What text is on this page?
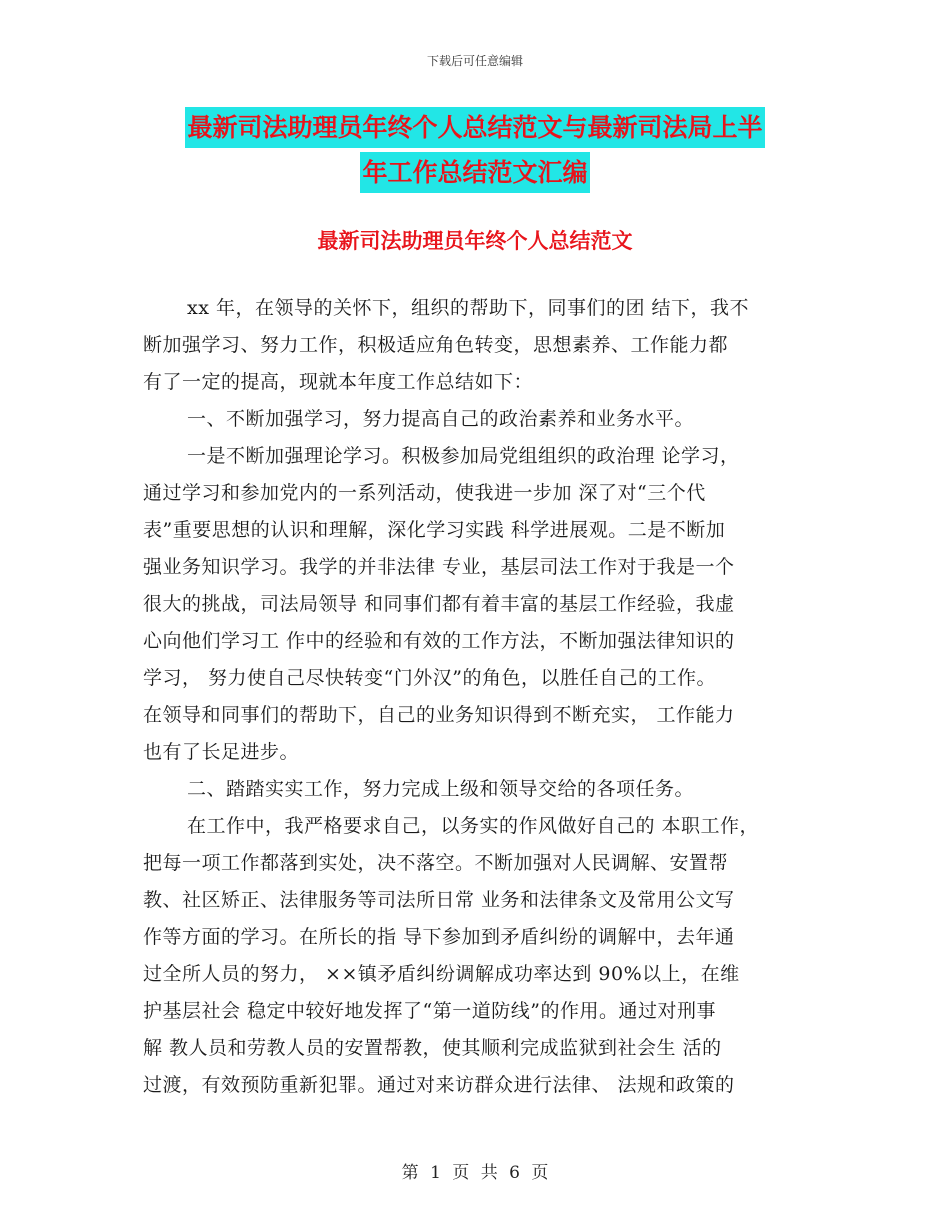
下载后可任意编辑
最新司法助理员年终个人总结范文与最新司法局上半
年工作总结范文汇编
最新司法助理员年终个人总结范文
xx 年，在领导的关怀下，组织的帮助下，同事们的团 结下，我不
断加强学习、努力工作，积极适应角色转变，思想素养、工作能力都
有了一定的提高，现就本年度工作总结如下：
一、不断加强学习，努力提高自己的政治素养和业务水平。
一是不断加强理论学习。积极参加局党组组织的政治理 论学习，
通过学习和参加党内的一系列活动，使我进一步加 深了对“三个代
表”重要思想的认识和理解，深化学习实践 科学进展观。二是不断加
强业务知识学习。我学的并非法律 专业，基层司法工作对于我是一个
很大的挑战，司法局领导 和同事们都有着丰富的基层工作经验，我虚
心向他们学习工 作中的经验和有效的工作方法，不断加强法律知识的
学习， 努力使自己尽快转变“门外汉”的角色，以胜任自己的工作。
在领导和同事们的帮助下，自己的业务知识得到不断充实， 工作能力
也有了长足进步。
二、踏踏实实工作，努力完成上级和领导交给的各项任务。
在工作中，我严格要求自己，以务实的作风做好自己的 本职工作，
把每一项工作都落到实处，决不落空。不断加强对人民调解、安置帮
教、社区矫正、法律服务等司法所日常 业务和法律条文及常用公文写
作等方面的学习。在所长的指 导下参加到矛盾纠纷的调解中，去年通
过全所人员的努力， ××镇矛盾纠纷调解成功率达到 90%以上，在维
护基层社会 稳定中较好地发挥了“第一道防线”的作用。通过对刑事
解 教人员和劳教人员的安置帮教，使其顺利完成监狱到社会生 活的
过渡，有效预防重新犯罪。通过对来访群众进行法律、 法规和政策的
第 1 页 共 6 页
